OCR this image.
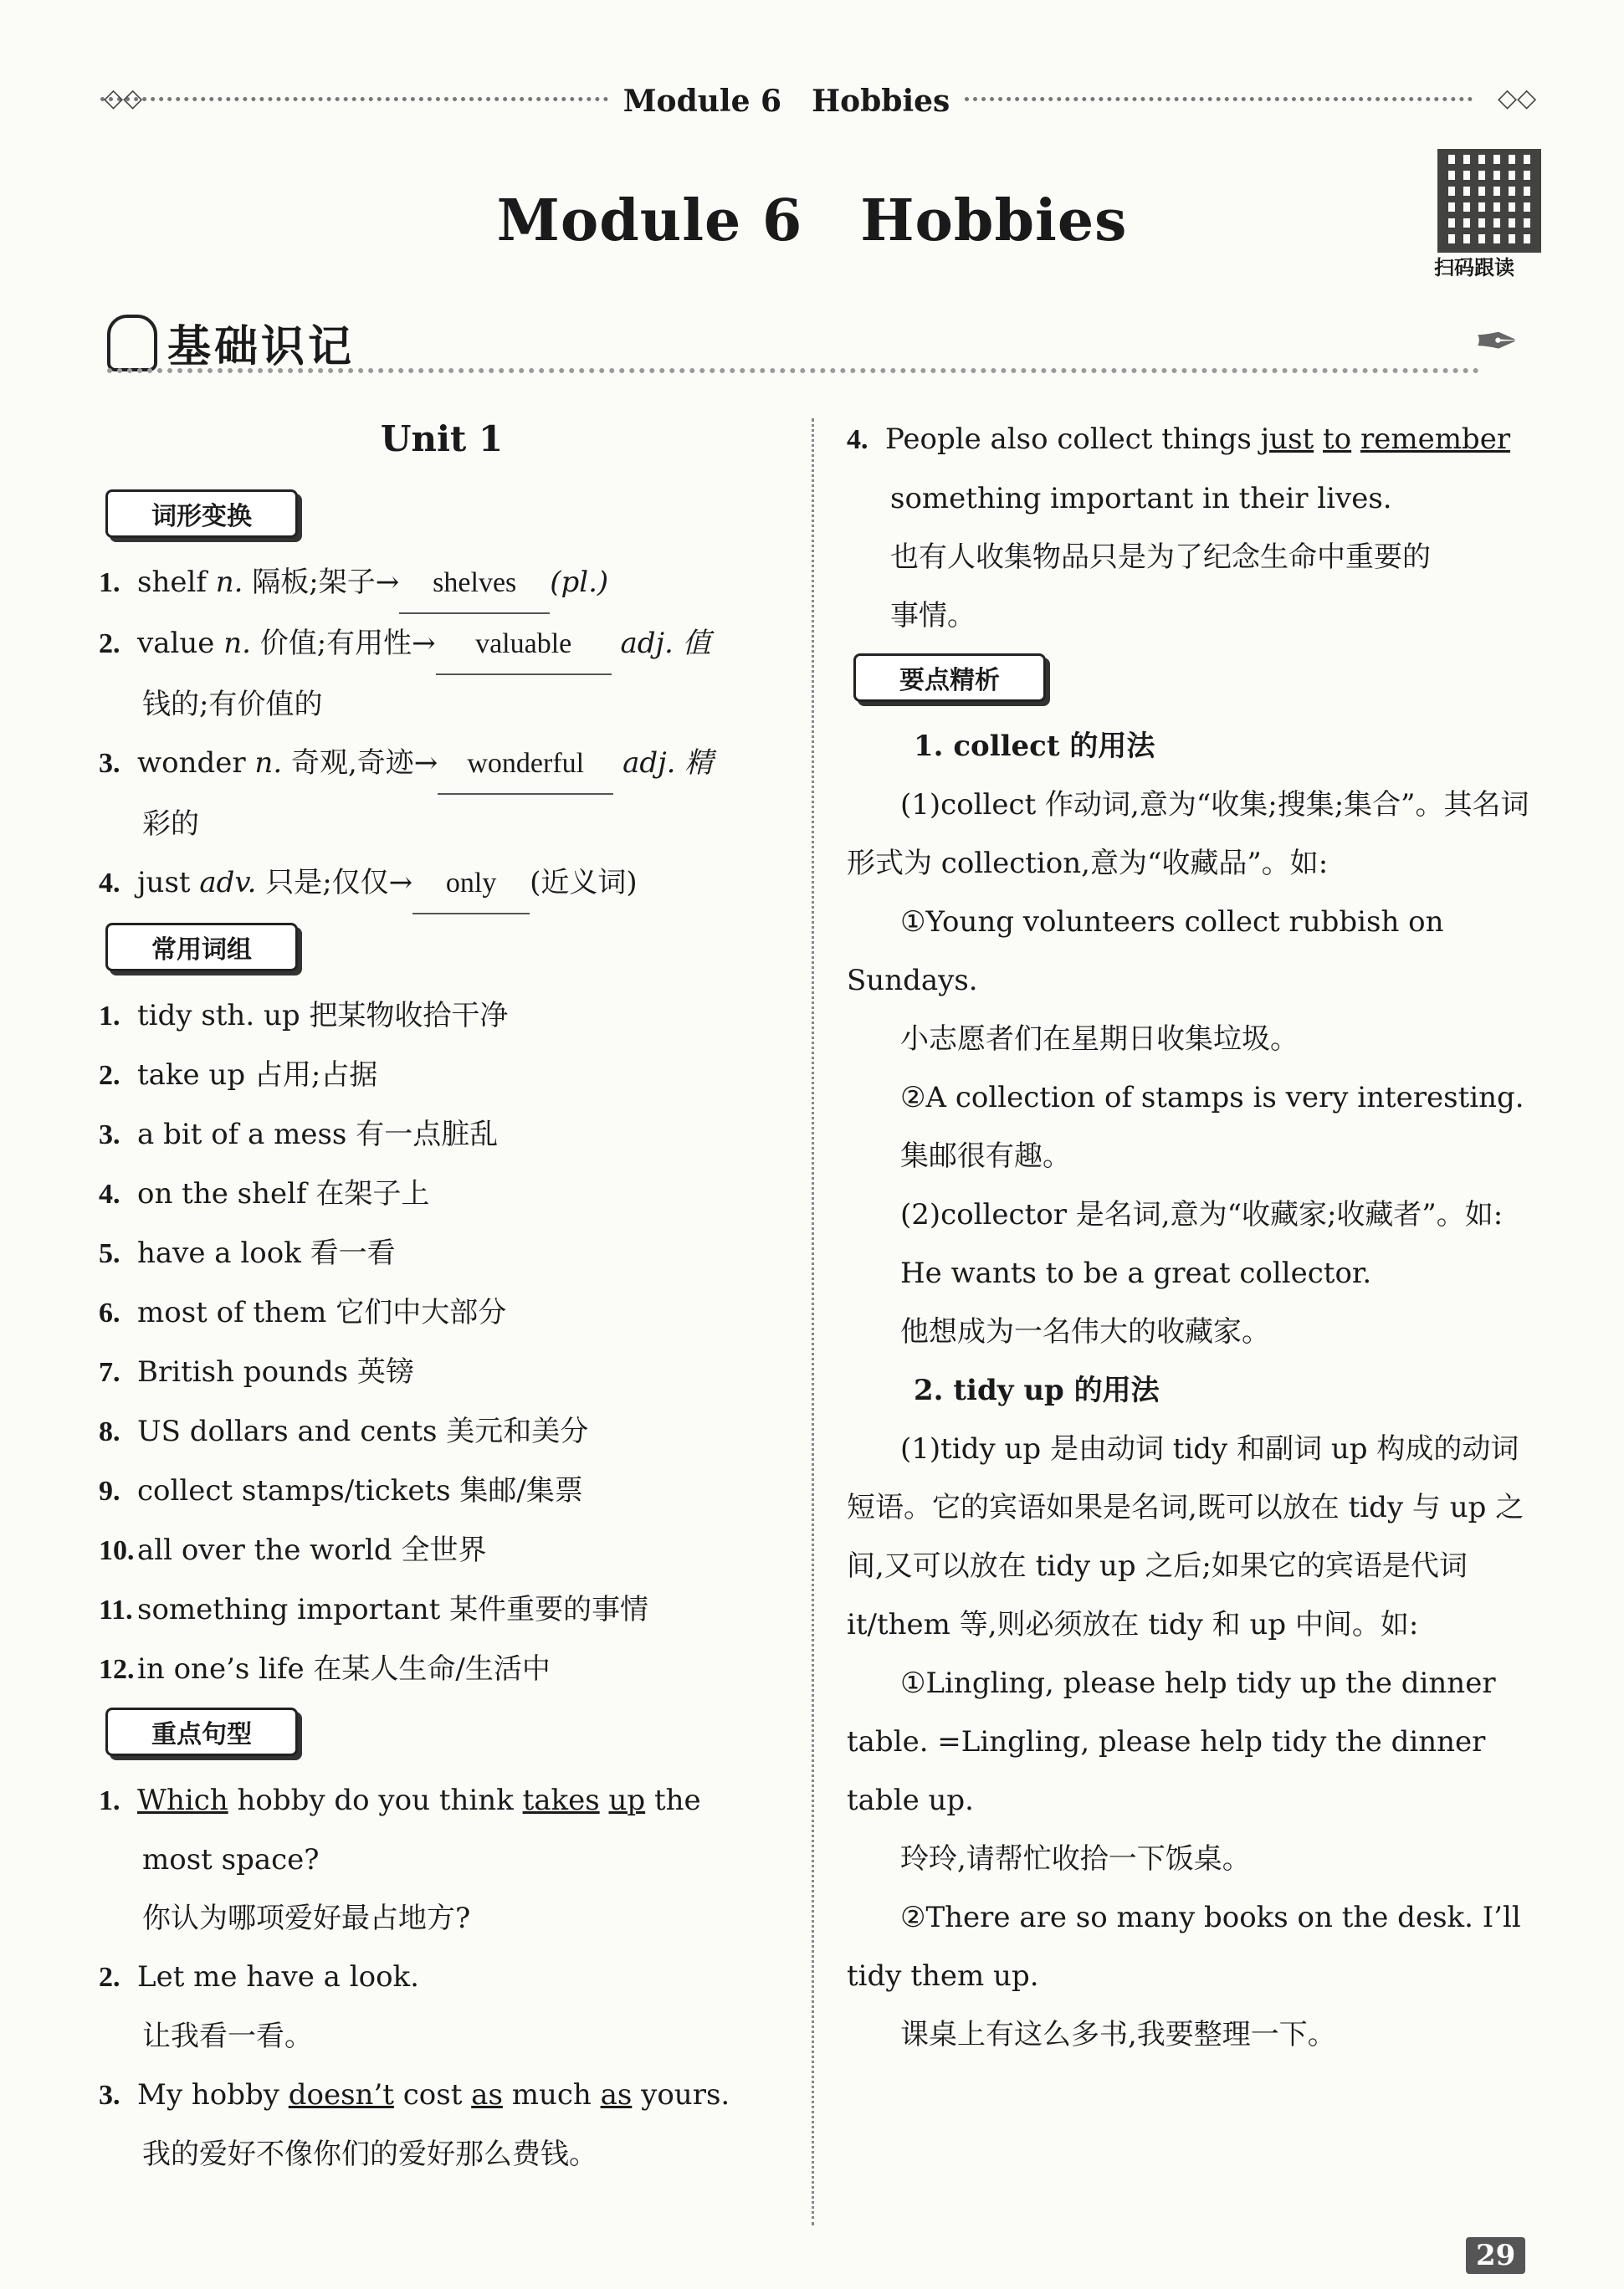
Module 6　Hobbies
◇◇	◇◇
Module 6　Hobbies
扫码跟读
基础识记	✒
Unit 1
词形变换
1. shelf n. 隔板;架子→ shelves (pl.)
2. value n. 价值;有用性→ valuable adj. 值
钱的;有价值的
3. wonder n. 奇观,奇迹→ wonderful adj. 精
彩的
4. just adv. 只是;仅仅→ only (近义词)
常用词组
1. tidy sth. up 把某物收拾干净
2. take up 占用;占据
3. a bit of a mess 有一点脏乱
4. on the shelf 在架子上
5. have a look 看一看
6. most of them 它们中大部分
7. British pounds 英镑
8. US dollars and cents 美元和美分
9. collect stamps/tickets 集邮/集票
10. all over the world 全世界
11. something important 某件重要的事情
12. in one’s life 在某人生命/生活中
重点句型
1. Which hobby do you think takes up the
most space?
你认为哪项爱好最占地方?
2. Let me have a look.
让我看一看。
3. My hobby doesn’t cost as much as yours.
我的爱好不像你们的爱好那么费钱。
4. People also collect things just to remember
something important in their lives.
也有人收集物品只是为了纪念生命中重要的
事情。
要点精析
1. collect 的用法
(1)collect 作动词,意为“收集;搜集;集合”。其名词形式为 collection,意为“收藏品”。如:
①Young volunteers collect rubbish on Sundays.
小志愿者们在星期日收集垃圾。
②A collection of stamps is very interesting.
集邮很有趣。
(2)collector 是名词,意为“收藏家;收藏者”。如:
He wants to be a great collector.
他想成为一名伟大的收藏家。
2. tidy up 的用法
(1)tidy up 是由动词 tidy 和副词 up 构成的动词短语。它的宾语如果是名词,既可以放在 tidy 与 up 之间,又可以放在 tidy up 之后;如果它的宾语是代词 it/them 等,则必须放在 tidy 和 up 中间。如:
①Lingling, please help tidy up the dinner table. =Lingling, please help tidy the dinner table up.
玲玲,请帮忙收拾一下饭桌。
②There are so many books on the desk. I’ll tidy them up.
课桌上有这么多书,我要整理一下。
29
